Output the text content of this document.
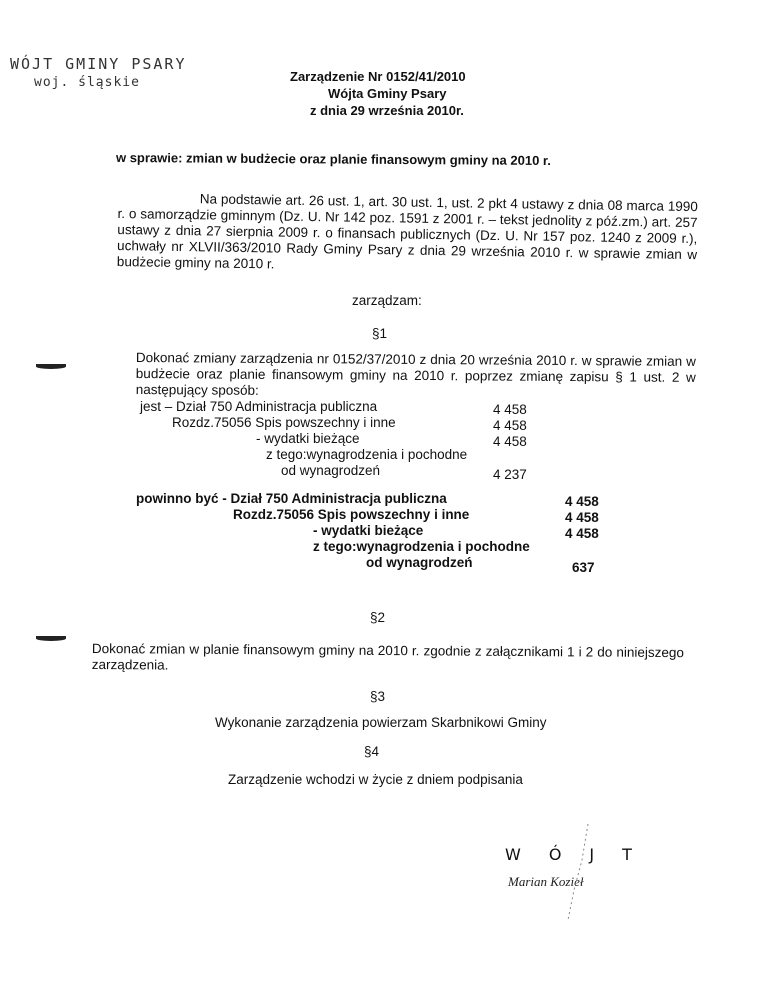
WÓJT GMINY PSARY
woj. śląskie	Zarządzenie Nr 0152/41/2010
Wójta Gminy Psary
z dnia 29 września 2010r.
w sprawie: zmian w budżecie oraz planie finansowym gminy na 2010 r.
Na podstawie art. 26 ust. 1, art. 30 ust. 1, ust. 2 pkt 4 ustawy z dnia 08 marca 1990 r. o samorządzie gminnym (Dz. U. Nr 142 poz. 1591 z 2001 r. – tekst jednolity z póź.zm.) art. 257 ustawy z dnia 27 sierpnia 2009 r. o finansach publicznych (Dz. U. Nr 157 poz. 1240 z 2009 r.), uchwały nr XLVII/363/2010 Rady Gminy Psary z dnia 29 września 2010 r. w sprawie zmian w budżecie gminy na 2010 r.
zarządzam:
§1
Dokonać zmiany zarządzenia nr 0152/37/2010 z dnia 20 września 2010 r. w sprawie zmian w budżecie oraz planie finansowym gminy na 2010 r. poprzez zmianę zapisu § 1 ust. 2 w następujący sposób:
jest – Dział 750 Administracja publiczna
Rozdz.75056 Spis powszechny i inne
- wydatki bieżące
z tego:wynagrodzenia i pochodne
od wynagrodzeń
4 458
4 458
4 458
4 237
powinno być - Dział 750 Administracja publiczna
Rozdz.75056 Spis powszechny i inne
- wydatki bieżące
z tego:wynagrodzenia i pochodne
od wynagrodzeń
4 458
4 458
4 458
637
§2
Dokonać zmian w planie finansowym gminy na 2010 r. zgodnie z załącznikami 1 i 2 do niniejszego zarządzenia.
§3
Wykonanie zarządzenia powierzam Skarbnikowi Gminy
§4
Zarządzenie wchodzi w życie z dniem podpisania
WÓJT
Marian Kozieł
